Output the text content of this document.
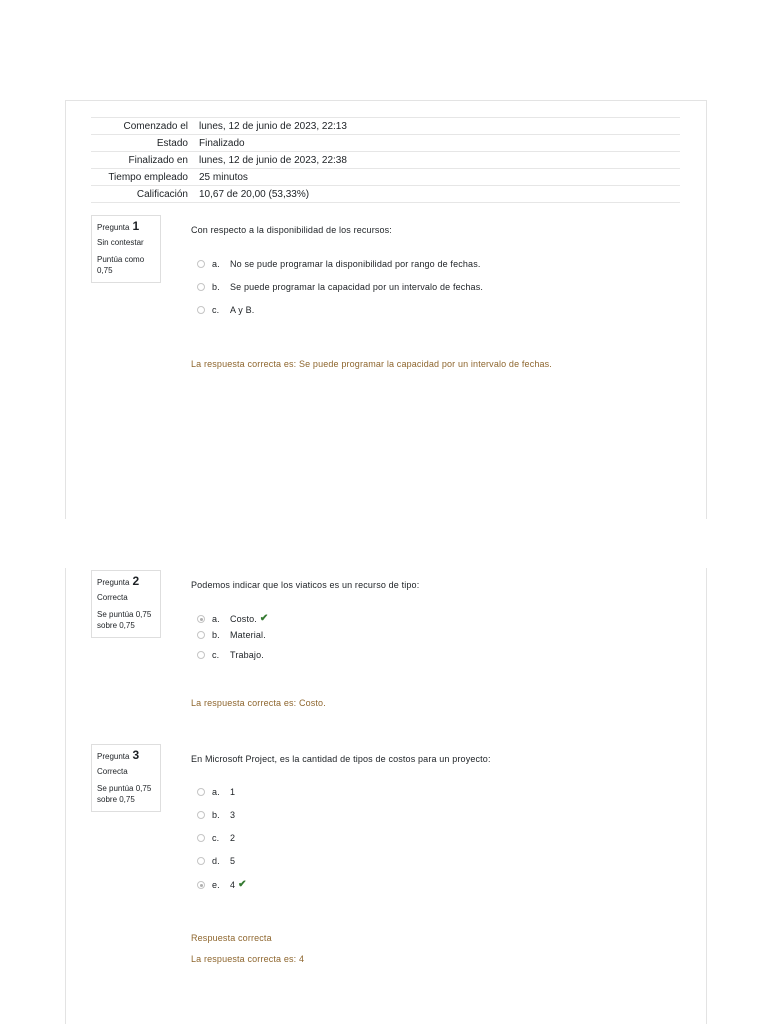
Comenzado el	lunes, 12 de junio de 2023, 22:13
Estado	Finalizado
Finalizado en	lunes, 12 de junio de 2023, 22:38
Tiempo empleado	25 minutos
Calificación	10,67 de 20,00 (53,33%)
Pregunta 1
Sin contestar
Puntúa como 0,75
Con respecto a la disponibilidad de los recursos:
a.	No se pude programar la disponibilidad por rango de fechas.
b.	Se puede programar la capacidad por un intervalo de fechas.
c.	A y B.
La respuesta correcta es: Se puede programar la capacidad por un intervalo de fechas.
Pregunta 2
Correcta
Se puntúa 0,75 sobre 0,75
Podemos indicar que los viaticos es un recurso de tipo:
a.	Costo. ✔
b.	Material.
c.	Trabajo.
La respuesta correcta es: Costo.
Pregunta 3
Correcta
Se puntúa 0,75 sobre 0,75
En Microsoft Project, es la cantidad de tipos de costos para un proyecto:
a.	1
b.	3
c.	2
d.	5
e.	4 ✔
Respuesta correcta
La respuesta correcta es: 4
